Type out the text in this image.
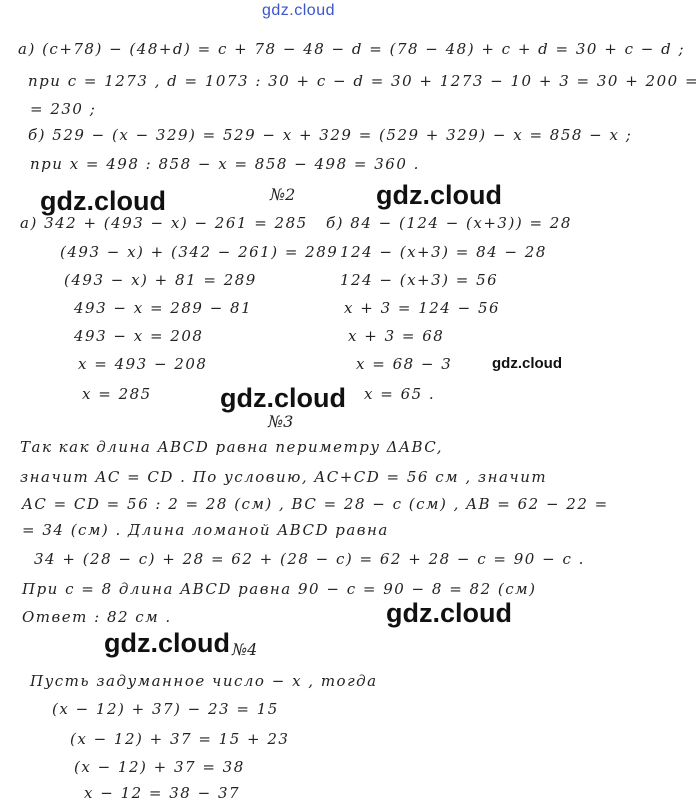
gdz.cloud
а) (c+78) − (48+d) = c + 78 − 48 − d = (78 − 48) + c + d = 30 + c − d ;
при c = 1273 , d = 1073 : 30 + c − d = 30 + 1273 − 10 + 3 = 30 + 200 =
= 230 ;
б) 529 − (x − 329) = 529 − x + 329 = (529 + 329) − x = 858 − x ;
при x = 498 : 858 − x = 858 − 498 = 360 .
gdz.cloud	gdz.cloud
№2
а) 342 + (493 − x) − 261 = 285
(493 − x) + (342 − 261) = 289
(493 − x) + 81 = 289
493 − x = 289 − 81
493 − x = 208
x = 493 − 208
x = 285
б) 84 − (124 − (x+3)) = 28
124 − (x+3) = 84 − 28
124 − (x+3) = 56
x + 3 = 124 − 56
x + 3 = 68
x = 68 − 3
x = 65 .
gdz.cloud
gdz.cloud
№3
Так как длина ABCD равна периметру ΔABC,
значит AC = CD . По условию, AC+CD = 56 см , значит
AC = CD = 56 : 2 = 28 (см) , BC = 28 − c (см) , AB = 62 − 22 =
= 34 (см) . Длина ломаной ABCD равна
34 + (28 − c) + 28 = 62 + (28 − c) = 62 + 28 − c = 90 − c .
При c = 8 длина ABCD равна 90 − c = 90 − 8 = 82 (см)
Ответ : 82 см .	gdz.cloud
gdz.cloud №4
Пусть задуманное число − x , тогда
(x − 12) + 37) − 23 = 15
(x − 12) + 37 = 15 + 23
(x − 12) + 37 = 38
x − 12 = 38 − 37
